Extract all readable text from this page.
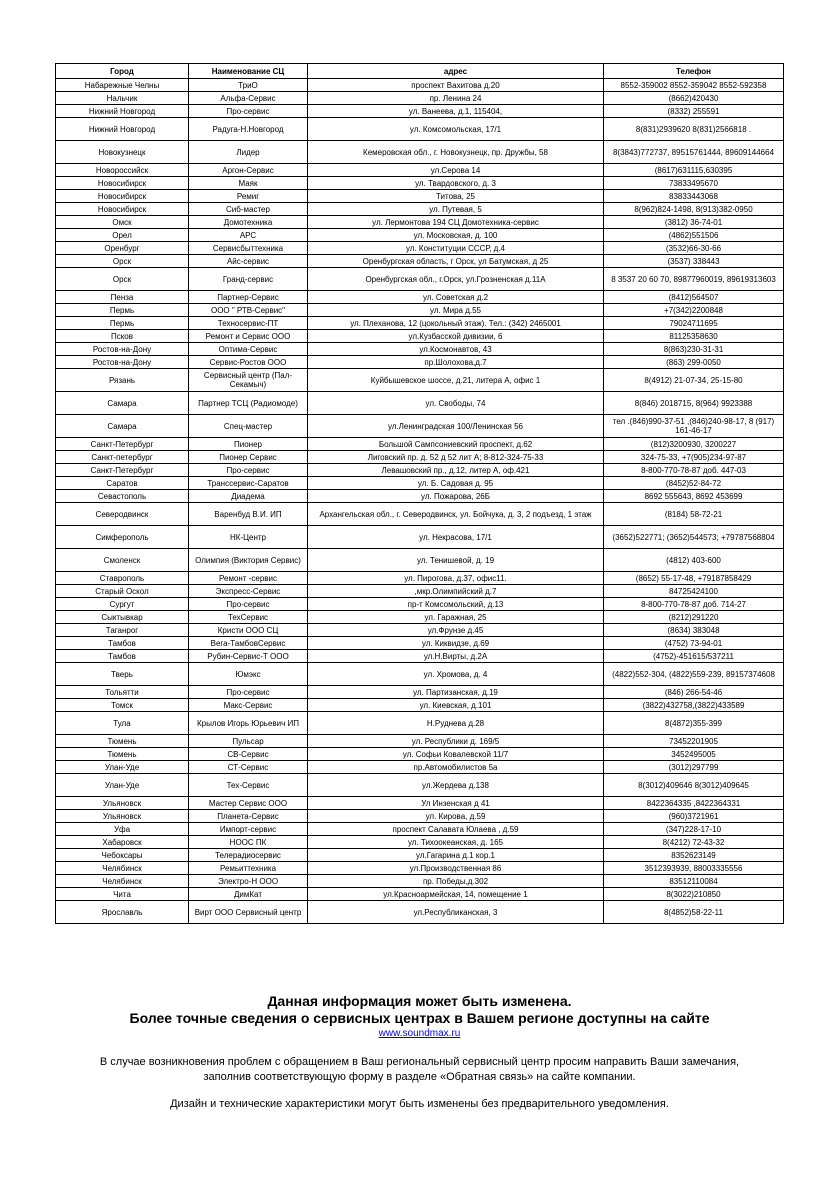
Город	Наименование СЦ	адрес	Телефон
Набарежные Челны	ТриО	проспект Вахитова д.20	8552-359002 8552-359042 8552-592358
Нальчик	Альфа-Сервис	пр. Ленина 24	(8662)420430
Нижний Новгород	Про-сервис	ул. Ванеева, д.1, 115404,	(8332) 255591
Нижний Новгород	Радуга-Н.Новгород	ул. Комсомольская, 17/1	8(831)2939620 8(831)2566818 .
Новокузнецк	Лидер	Кемеровская обл., г. Новокузнецк, пр. Дружбы, 58	8(3843)772737, 89515761444, 89609144664
Новороссийск	Аргон-Сервис	ул.Серова 14	(8617)631115,630395
Новосибирск	Маяк	ул. Твардовского, д. 3	73833495670
Новосибирск	Ремиг	Титова, 25	83833443068
Новосибирск	Сиб-мастер	ул. Путевая, 5	8(962)824-1498, 8(913)382-0950
Омск	Домотехника	ул. Лермонтова 194 СЦ Домотехника-сервис	(3812) 36-74-01
Орел	АРС	ул. Московская, д. 100	(4862)551506
Оренбург	Сервисбыттехника	ул. Конституции СССР, д.4	(3532)66-30-66
Орск	Айс-сервис	Оренбургская область, г Орск, ул Батумская, д 25	(3537) 338443
Орск	Гранд-сервис	Оренбургская обл., г.Орск, ул.Грозненская д.11А	8 3537 20 60 70, 89877960019, 89619313603
Пенза	Партнер-Сервис	ул. Советская д.2	(8412)564507
Пермь	ООО " РТВ-Сервис"	ул. Мира д.55	+7(342)2200848
Пермь	Техносервис-ПТ	ул. Плеханова, 12 (цокольный этаж). Тел.: (342) 2465001	79024711695
Псков	Ремонт и Сервис ООО	ул.Кузбасской дивизии, 6	81125358630
Ростов-на-Дону	Оптима-Сервис	ул.Космонавтов, 43	8(863)230-31-31
Ростов-на-Дону	Сервис-Ростов ООО	пр.Шолохова,д.7	(863) 299-0050
Рязань	Сервисный центр (Пал-Секамыч)	Куйбышевское шоссе, д.21, литера А, офис 1	8(4912) 21-07-34, 25-15-80
Самара	Партнер ТСЦ (Радиомоде)	ул. Свободы, 74	8(846) 2018715, 8(964) 9923388
Самара	Спец-мастер	ул.Ленинградская 100/Ленинская 56	тел .(846)990-37-51 ,(846)240-98-17, 8 (917) 161-46-17
Санкт-Петербург	Пионер	Большой Сампсониевский проспект, д.62	(812)3200930, 3200227
Санкт-петербург	Пионер Сервис	Лиговский пр. д. 52 д 52 лит А; 8-812-324-75-33	324-75-33, +7(905)234-97-87
Санкт-Петербург	Про-сервис	Левашовский пр., д.12, литер А, оф.421	8-800-770-78-87 доб. 447-03
Саратов	Транссервис-Саратов	ул. Б. Садовая д. 95	(8452)52-84-72
Севастополь	Диадема	ул. Пожарова, 26Б	8692 555643, 8692 453699
Северодвинск	Варенбуд В.И. ИП	Архангельская обл., г. Северодвинск, ул. Бойчука, д. 3, 2 подъезд, 1 этаж	(8184) 58-72-21
Симферополь	НК-Центр	ул. Некрасова, 17/1	(3652)522771; (3652)544573; +79787568804
Смоленск	Олимпия (Виктория Сервис)	ул. Тенишевой, д. 19	(4812) 403-600
Ставрополь	Ремонт -сервис	ул. Пирогова, д.37, офис11.	(8652) 55-17-48, +79187858429
Старый Оскол	Экспресс-Сервис	,мкр.Олимпийский д.7	84725424100
Сургут	Про-сервис	пр-т Комсомольский, д.13	8-800-770-78-87 доб. 714-27
Сыктывкар	ТехСервис	ул. Гаражная, 25	(8212)291220
Таганрог	Кристи ООО СЦ	ул.Фрунзе д.45	(8634) 383048
Тамбов	Вега-ТамбовСервис	ул. Киквидзе, д.69	(4752) 73-94-01
Тамбов	Рубин-Сервис-Т ООО	ул.Н.Вирты, д.2А	(4752)-451615/537211
Тверь	Юмэкс	ул. Хромова, д. 4	(4822)552-304, (4822)559-239, 89157374608
Тольятти	Про-сервис	ул. Партизанская, д.19	(846) 266-54-46
Томск	Макс-Сервис	ул. Киевская, д.101	(3822)432758,(3822)433589
Тула	Крылов Игорь Юрьевич ИП	Н.Руднева д.28	8(4872)355-399
Тюмень	Пульсар	ул. Республики д. 169/5	73452201905
Тюмень	СВ-Сервис	ул. Софьи Ковалевской 11/7	3452495005
Улан-Уде	СТ-Сервис	пр.Автомобилистов 5а	(3012)297799
Улан-Уде	Тех-Сервис	ул.Жердева д.138	8(3012)409646 8(3012)409645
Ульяновск	Мастер Сервис ООО	Ул Инзенская д 41	8422364335 ,8422364331
Ульяновск	Планета-Сервис	ул. Кирова, д.59	(960)3721961
Уфа	Импорт-сервис	проспект Салавата Юлаева , д.59	(347)228-17-10
Хабаровск	НООС ПК	ул. Тихоокеанская, д. 165	8(4212) 72-43-32
Чебоксары	Телерадиосервис	ул.Гагарина д.1 кор.1	8352623149
Челябинск	Ремьиттехника	ул.Производственная 86	3512393939, 88003335556
Челябинск	Электро-Н ООО	пр. Победы,д.302	83512110084
Чита	ДимКат	ул.Красноармейская, 14, помещение 1	8(3022)210850
Ярославль	Вирт ООО Сервисный центр	ул.Республиканская, 3	8(4852)58-22-11
Данная информация может быть изменена.
Более точные сведения о сервисных центрах в Вашем регионе доступны на сайте
www.soundmax.ru
В случае возникновения проблем с обращением в Ваш региональный сервисный центр просим направить Ваши замечания,
заполнив соответствующую форму в разделе «Обратная связь» на сайте компании.
Дизайн и технические характеристики могут быть изменены без предварительного уведомления.
